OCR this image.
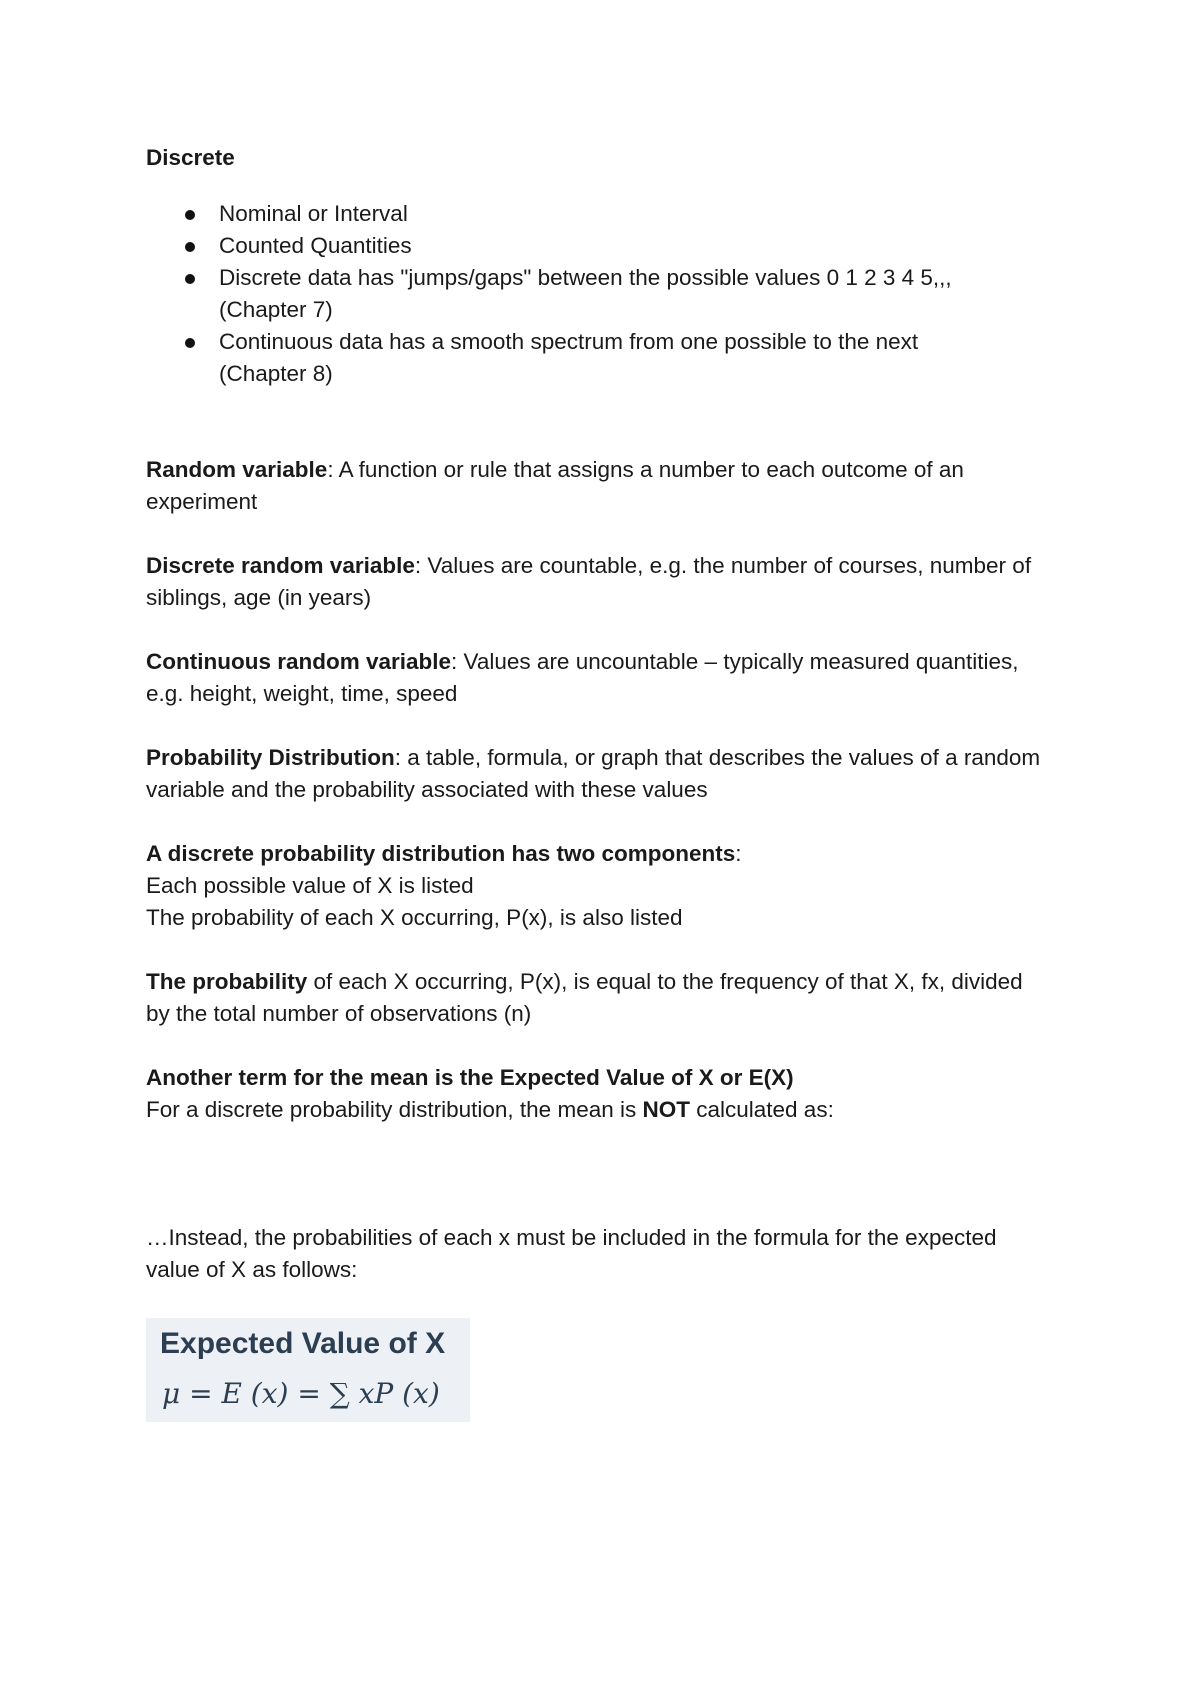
Discrete

Nominal or Interval
Counted Quantities
Discrete data has "jumps/gaps" between the possible values 0 1 2 3 4 5,,,
(Chapter 7)
Continuous data has a smooth spectrum from one possible to the next
(Chapter 8)

Random variable: A function or rule that assigns a number to each outcome of an experiment

Discrete random variable: Values are countable, e.g. the number of courses, number of siblings, age (in years)

Continuous random variable: Values are uncountable – typically measured quantities, e.g. height, weight, time, speed

Probability Distribution: a table, formula, or graph that describes the values of a random variable and the probability associated with these values

A discrete probability distribution has two components:

Each possible value of X is listed

The probability of each X occurring, P(x), is also listed

The probability of each X occurring, P(x), is equal to the frequency of that X, fx, divided by the total number of observations (n)

Another term for the mean is the Expected Value of X or E(X)

For a discrete probability distribution, the mean is NOT calculated as:

…Instead, the probabilities of each x must be included in the formula for the expected value of X as follows:

Expected Value of X
μ = E (x) = ∑ xP (x)
